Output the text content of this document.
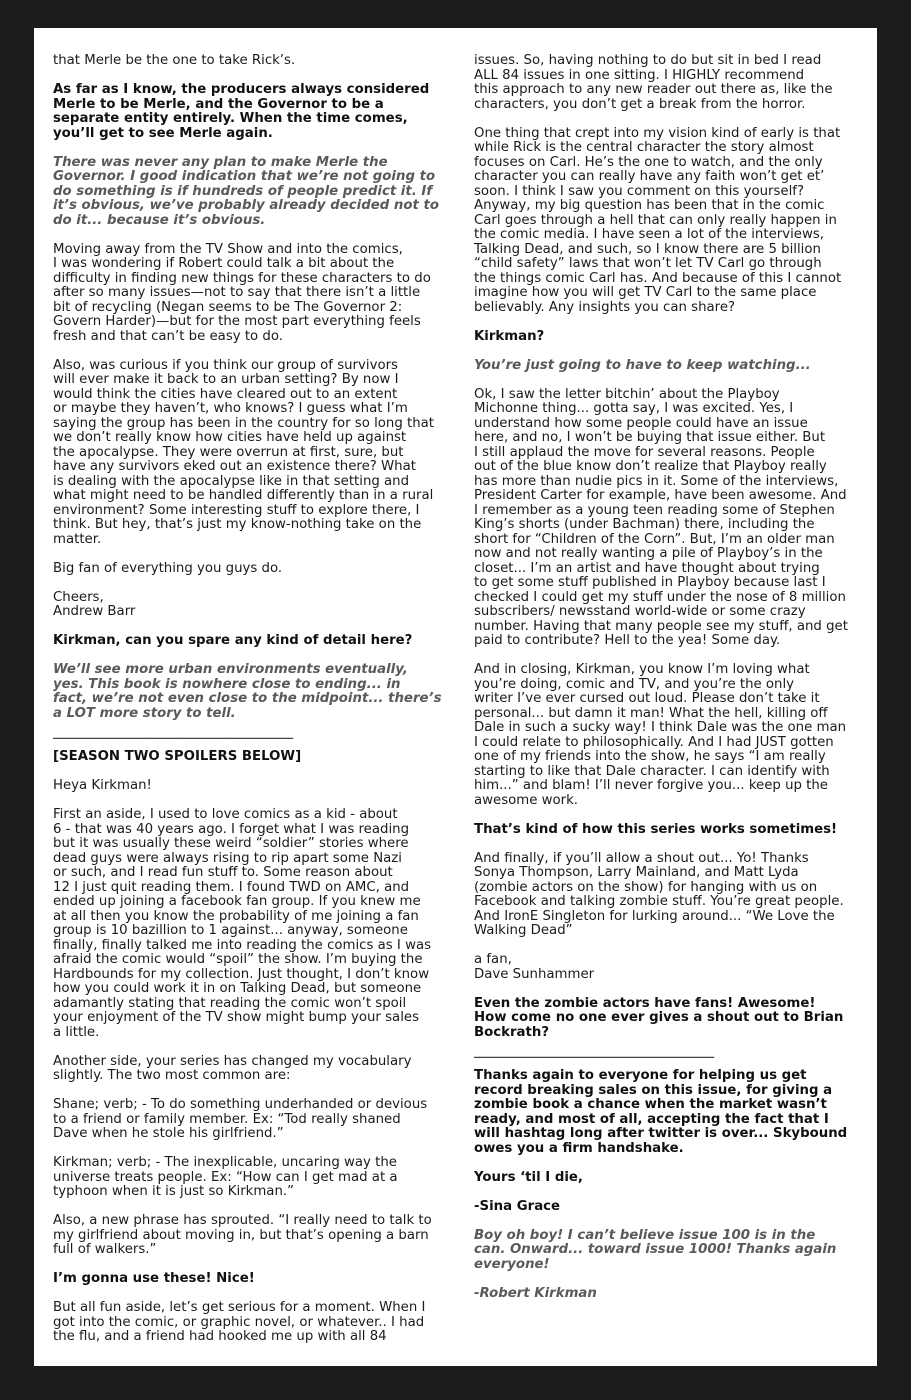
that Merle be the one to take Rick’s.

As far as I know, the producers always considered
Merle to be Merle, and the Governor to be a
separate entity entirely. When the time comes,
you’ll get to see Merle again.

There was never any plan to make Merle the
Governor. I good indication that we’re not going to
do something is if hundreds of people predict it. If
it’s obvious, we’ve probably already decided not to
do it... because it’s obvious.

Moving away from the TV Show and into the comics,
I was wondering if Robert could talk a bit about the
difficulty in finding new things for these characters to do
after so many issues—not to say that there isn’t a little
bit of recycling (Negan seems to be The Governor 2:
Govern Harder)—but for the most part everything feels
fresh and that can’t be easy to do.

Also, was curious if you think our group of survivors
will ever make it back to an urban setting? By now I
would think the cities have cleared out to an extent
or maybe they haven’t, who knows? I guess what I’m
saying the group has been in the country for so long that
we don’t really know how cities have held up against
the apocalypse. They were overrun at first, sure, but
have any survivors eked out an existence there? What
is dealing with the apocalypse like in that setting and
what might need to be handled differently than in a rural
environment? Some interesting stuff to explore there, I
think. But hey, that’s just my know-nothing take on the
matter.

Big fan of everything you guys do.

Cheers,
Andrew Barr

Kirkman, can you spare any kind of detail here?

We’ll see more urban environments eventually,
yes. This book is nowhere close to ending... in
fact, we’re not even close to the midpoint... there’s
a LOT more story to tell.

_______________________________________

[SEASON TWO SPOILERS BELOW]

Heya Kirkman!

First an aside, I used to love comics as a kid - about
6 - that was 40 years ago. I forget what I was reading
but it was usually these weird “soldier” stories where
dead guys were always rising to rip apart some Nazi
or such, and I read fun stuff to. Some reason about
12 I just quit reading them. I found TWD on AMC, and
ended up joining a facebook fan group. If you knew me
at all then you know the probability of me joining a fan
group is 10 bazillion to 1 against... anyway, someone
finally, finally talked me into reading the comics as I was
afraid the comic would “spoil” the show. I’m buying the
Hardbounds for my collection. Just thought, I don’t know
how you could work it in on Talking Dead, but someone
adamantly stating that reading the comic won’t spoil
your enjoyment of the TV show might bump your sales
a little.

Another side, your series has changed my vocabulary
slightly. The two most common are:

Shane; verb; - To do something underhanded or devious
to a friend or family member. Ex: “Tod really shaned
Dave when he stole his girlfriend.”

Kirkman; verb; - The inexplicable, uncaring way the
universe treats people. Ex: “How can I get mad at a
typhoon when it is just so Kirkman.”

Also, a new phrase has sprouted. “I really need to talk to
my girlfriend about moving in, but that’s opening a barn
full of walkers.”

I’m gonna use these! Nice!

But all fun aside, let’s get serious for a moment. When I
got into the comic, or graphic novel, or whatever.. I had
the flu, and a friend had hooked me up with all 84

issues. So, having nothing to do but sit in bed I read
ALL 84 issues in one sitting. I HIGHLY recommend
this approach to any new reader out there as, like the
characters, you don’t get a break from the horror.

One thing that crept into my vision kind of early is that
while Rick is the central character the story almost
focuses on Carl. He’s the one to watch, and the only
character you can really have any faith won’t get et’
soon. I think I saw you comment on this yourself?
Anyway, my big question has been that in the comic
Carl goes through a hell that can only really happen in
the comic media. I have seen a lot of the interviews,
Talking Dead, and such, so I know there are 5 billion
“child safety” laws that won’t let TV Carl go through
the things comic Carl has. And because of this I cannot
imagine how you will get TV Carl to the same place
believably. Any insights you can share?

Kirkman?

You’re just going to have to keep watching...

Ok, I saw the letter bitchin’ about the Playboy
Michonne thing... gotta say, I was excited. Yes, I
understand how some people could have an issue
here, and no, I won’t be buying that issue either. But
I still applaud the move for several reasons. People
out of the blue know don’t realize that Playboy really
has more than nudie pics in it. Some of the interviews,
President Carter for example, have been awesome. And
I remember as a young teen reading some of Stephen
King’s shorts (under Bachman) there, including the
short for “Children of the Corn”. But, I’m an older man
now and not really wanting a pile of Playboy’s in the
closet... I’m an artist and have thought about trying
to get some stuff published in Playboy because last I
checked I could get my stuff under the nose of 8 million
subscribers/ newsstand world-wide or some crazy
number. Having that many people see my stuff, and get
paid to contribute? Hell to the yea! Some day.

And in closing, Kirkman, you know I’m loving what
you’re doing, comic and TV, and you’re the only
writer I’ve ever cursed out loud. Please don’t take it
personal... but damn it man! What the hell, killing off
Dale in such a sucky way! I think Dale was the one man
I could relate to philosophically. And I had JUST gotten
one of my friends into the show, he says “I am really
starting to like that Dale character. I can identify with
him...” and blam! I’ll never forgive you... keep up the
awesome work.

That’s kind of how this series works sometimes!

And finally, if you’ll allow a shout out... Yo! Thanks
Sonya Thompson, Larry Mainland, and Matt Lyda
(zombie actors on the show) for hanging with us on
Facebook and talking zombie stuff. You’re great people.
And IronE Singleton for lurking around... “We Love the
Walking Dead”

a fan,
Dave Sunhammer

Even the zombie actors have fans! Awesome!
How come no one ever gives a shout out to Brian
Bockrath?

_______________________________________

Thanks again to everyone for helping us get
record breaking sales on this issue, for giving a
zombie book a chance when the market wasn’t
ready, and most of all, accepting the fact that I
will hashtag long after twitter is over... Skybound
owes you a firm handshake.

Yours ‘til I die,

-Sina Grace

Boy oh boy! I can’t believe issue 100 is in the
can. Onward... toward issue 1000! Thanks again
everyone!

-Robert Kirkman
